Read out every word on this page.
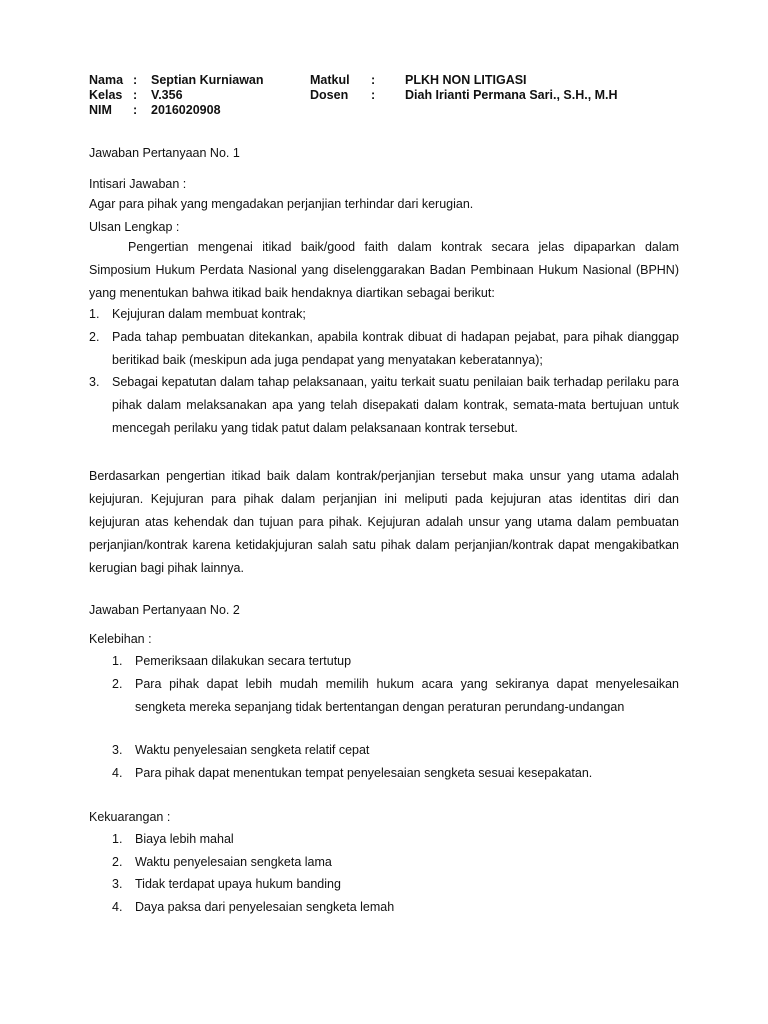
Nama : Septian Kurniawan
Kelas : V.356
NIM : 2016020908
Matkul : PLKH NON LITIGASI
Dosen : Diah Irianti Permana Sari., S.H., M.H
Jawaban Pertanyaan No. 1
Intisari Jawaban :
Agar para pihak yang mengadakan perjanjian terhindar dari kerugian.
Ulsan Lengkap :
Pengertian mengenai itikad baik/good faith dalam kontrak secara jelas dipaparkan dalam Simposium Hukum Perdata Nasional yang diselenggarakan Badan Pembinaan Hukum Nasional (BPHN) yang menentukan bahwa itikad baik hendaknya diartikan sebagai berikut:
1.	Kejujuran dalam membuat kontrak;
2.	Pada tahap pembuatan ditekankan, apabila kontrak dibuat di hadapan pejabat, para pihak dianggap beritikad baik (meskipun ada juga pendapat yang menyatakan keberatannya);
3.	Sebagai kepatutan dalam tahap pelaksanaan, yaitu terkait suatu penilaian baik terhadap perilaku para pihak dalam melaksanakan apa yang telah disepakati dalam kontrak, semata-mata bertujuan untuk mencegah perilaku yang tidak patut dalam pelaksanaan kontrak tersebut.
Berdasarkan pengertian itikad baik dalam kontrak/perjanjian tersebut maka unsur yang utama adalah kejujuran. Kejujuran para pihak dalam perjanjian ini meliputi pada kejujuran atas identitas diri dan kejujuran atas kehendak dan tujuan para pihak. Kejujuran adalah unsur yang utama dalam pembuatan perjanjian/kontrak karena ketidakjujuran salah satu pihak dalam perjanjian/kontrak dapat mengakibatkan kerugian bagi pihak lainnya.
Jawaban Pertanyaan No. 2
Kelebihan :
1.	Pemeriksaan dilakukan secara tertutup
2.	Para pihak dapat lebih mudah memilih hukum acara yang sekiranya dapat menyelesaikan sengketa mereka sepanjang tidak bertentangan dengan peraturan perundang-undangan
3.	Waktu penyelesaian sengketa relatif cepat
4.	Para pihak dapat menentukan tempat penyelesaian sengketa sesuai kesepakatan.
Kekuarangan :
1.	Biaya lebih mahal
2.	Waktu penyelesaian sengketa lama
3.	Tidak terdapat upaya hukum banding
4.	Daya paksa dari penyelesaian sengketa lemah
